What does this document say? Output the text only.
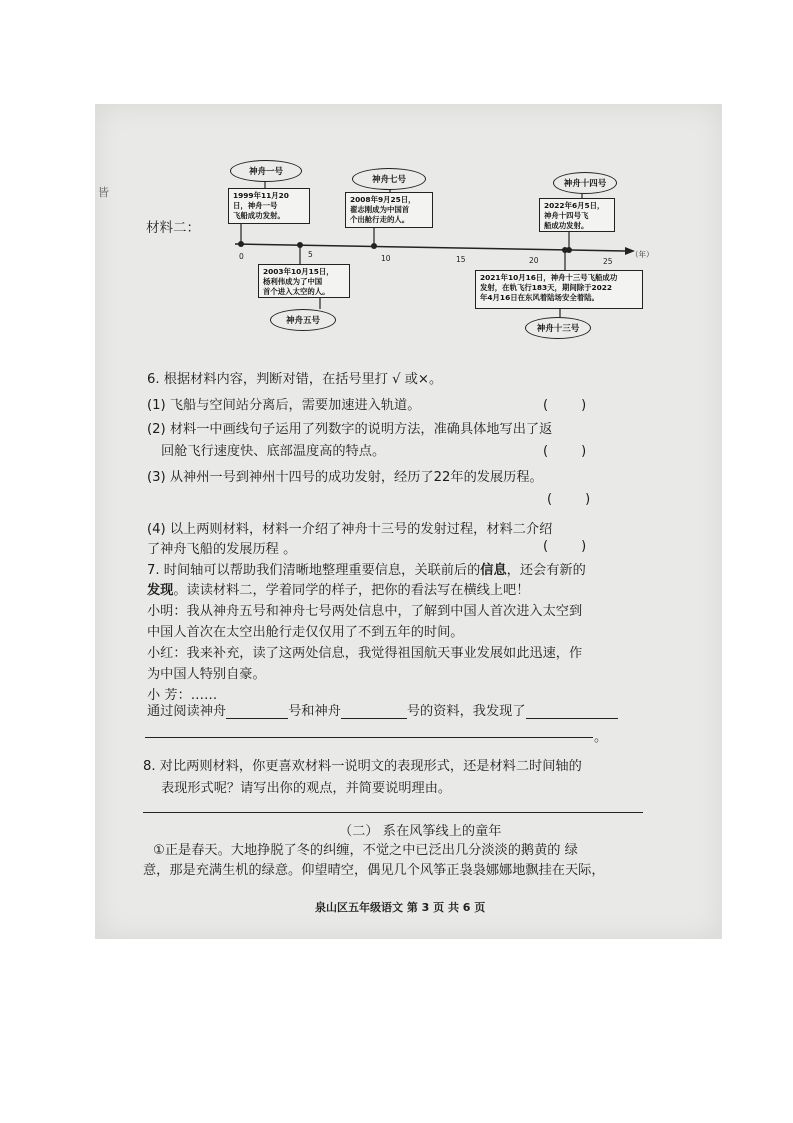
皆
材料二：
神舟一号
1999年11月20
日，神舟一号
飞船成功发射。
神舟七号
2008年9月25日，
翟志刚成为中国首
个出舱行走的人。
神舟十四号
2022年6月5日，
神舟十四号飞
船成功发射。
2003年10月15日，
杨利伟成为了中国
首个进入太空的人。
神舟五号
2021年10月16日，神舟十三号飞船成功
发射，在轨飞行183天，期间除于2022
年4月16日在东风着陆场安全着陆。
神舟十三号
0	5	10	15	20	25
（年）
6. 根据材料内容，判断对错，在括号里打 √ 或×。
(1) 飞船与空间站分离后，需要加速进入轨道。	(        )
(2) 材料一中画线句子运用了列数字的说明方法，准确具体地写出了返
回舱飞行速度快、底部温度高的特点。	(        )
(3) 从神州一号到神州十四号的成功发射，经历了22年的发展历程。
(        )
(4) 以上两则材料，材料一介绍了神舟十三号的发射过程，材料二介绍
了神舟飞船的发展历程 。	(        )
7. 时间轴可以帮助我们清晰地整理重要信息，关联前后的信息，还会有新的
发现。读读材料二，学着同学的样子，把你的看法写在横线上吧！
小明：我从神舟五号和神舟七号两处信息中，了解到中国人首次进入太空到
中国人首次在太空出舱行走仅仅用了不到五年的时间。
小红：我来补充，读了这两处信息，我觉得祖国航天事业发展如此迅速，作
为中国人特别自豪。
小 芳：……
通过阅读神舟	号和神舟	号的资料，我发现了
。
8. 对比两则材料，你更喜欢材料一说明文的表现形式，还是材料二时间轴的
表现形式呢？请写出你的观点，并简要说明理由。
（二） 系在风筝线上的童年
①正是春天。大地挣脱了冬的纠缠，不觉之中已泛出几分淡淡的鹅黄的 绿
意，那是充满生机的绿意。仰望晴空，偶见几个风筝正袅袅娜娜地飘挂在天际，
泉山区五年级语文 第 3 页 共 6 页
